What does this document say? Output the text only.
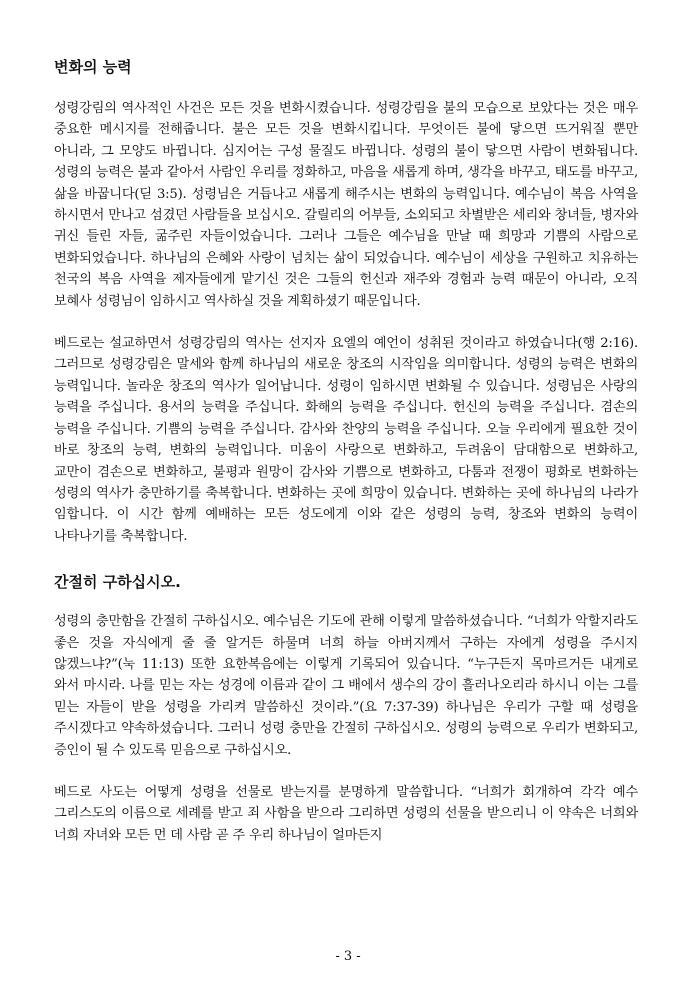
변화의 능력

성령강림의 역사적인 사건은 모든 것을 변화시켰습니다. 성령강림을 불의 모습으로 보았다는 것은 매우 중요한 메시지를 전해줍니다. 불은 모든 것을 변화시킵니다. 무엇이든 불에 닿으면 뜨거워질 뿐만 아니라, 그 모양도 바뀝니다. 심지어는 구성 물질도 바뀝니다. 성령의 불이 닿으면 사람이 변화됩니다. 성령의 능력은 불과 같아서 사람인 우리를 정화하고, 마음을 새롭게 하며, 생각을 바꾸고, 태도를 바꾸고, 삶을 바꿉니다(딛 3:5). 성령님은 거듭나고 새롭게 해주시는 변화의 능력입니다. 예수님이 복음 사역을 하시면서 만나고 섬겼던 사람들을 보십시오. 갈릴리의 어부들, 소외되고 차별받은 세리와 창녀들, 병자와 귀신 들린 자들, 굶주린 자들이었습니다. 그러나 그들은 예수님을 만날 때 희망과 기쁨의 사람으로 변화되었습니다. 하나님의 은혜와 사랑이 넘치는 삶이 되었습니다. 예수님이 세상을 구원하고 치유하는 천국의 복음 사역을 제자들에게 맡기신 것은 그들의 헌신과 재주와 경험과 능력 때문이 아니라, 오직 보혜사 성령님이 임하시고 역사하실 것을 계획하셨기 때문입니다.

베드로는 설교하면서 성령강림의 역사는 선지자 요엘의 예언이 성취된 것이라고 하였습니다(행 2:16). 그러므로 성령강림은 말세와 함께 하나님의 새로운 창조의 시작임을 의미합니다. 성령의 능력은 변화의 능력입니다. 놀라운 창조의 역사가 일어납니다. 성령이 임하시면 변화될 수 있습니다. 성령님은 사랑의 능력을 주십니다. 용서의 능력을 주십니다. 화해의 능력을 주십니다. 헌신의 능력을 주십니다. 겸손의 능력을 주십니다. 기쁨의 능력을 주십니다. 감사와 찬양의 능력을 주십니다. 오늘 우리에게 필요한 것이 바로 창조의 능력, 변화의 능력입니다. 미움이 사랑으로 변화하고, 두려움이 담대함으로 변화하고, 교만이 겸손으로 변화하고, 불평과 원망이 감사와 기쁨으로 변화하고, 다툼과 전쟁이 평화로 변화하는 성령의 역사가 충만하기를 축복합니다. 변화하는 곳에 희망이 있습니다. 변화하는 곳에 하나님의 나라가 임합니다. 이 시간 함께 예배하는 모든 성도에게 이와 같은 성령의 능력, 창조와 변화의 능력이 나타나기를 축복합니다.

간절히 구하십시오.

성령의 충만함을 간절히 구하십시오. 예수님은 기도에 관해 이렇게 말씀하셨습니다. “너희가 악할지라도 좋은 것을 자식에게 줄 줄 알거든 하물며 너희 하늘 아버지께서 구하는 자에게 성령을 주시지 않겠느냐?”(눅 11:13) 또한 요한복음에는 이렇게 기록되어 있습니다. “누구든지 목마르거든 내게로 와서 마시라. 나를 믿는 자는 성경에 이름과 같이 그 배에서 생수의 강이 흘러나오리라 하시니 이는 그를 믿는 자들이 받을 성령을 가리켜 말씀하신 것이라.”(요 7:37-39) 하나님은 우리가 구할 때 성령을 주시겠다고 약속하셨습니다. 그러니 성령 충만을 간절히 구하십시오. 성령의 능력으로 우리가 변화되고, 증인이 될 수 있도록 믿음으로 구하십시오.

베드로 사도는 어떻게 성령을 선물로 받는지를 분명하게 말씀합니다. “너희가 회개하여 각각 예수 그리스도의 이름으로 세례를 받고 죄 사함을 받으라 그리하면 성령의 선물을 받으리니 이 약속은 너희와 너희 자녀와 모든 먼 데 사람 곧 주 우리 하나님이 얼마든지

- 3 -
